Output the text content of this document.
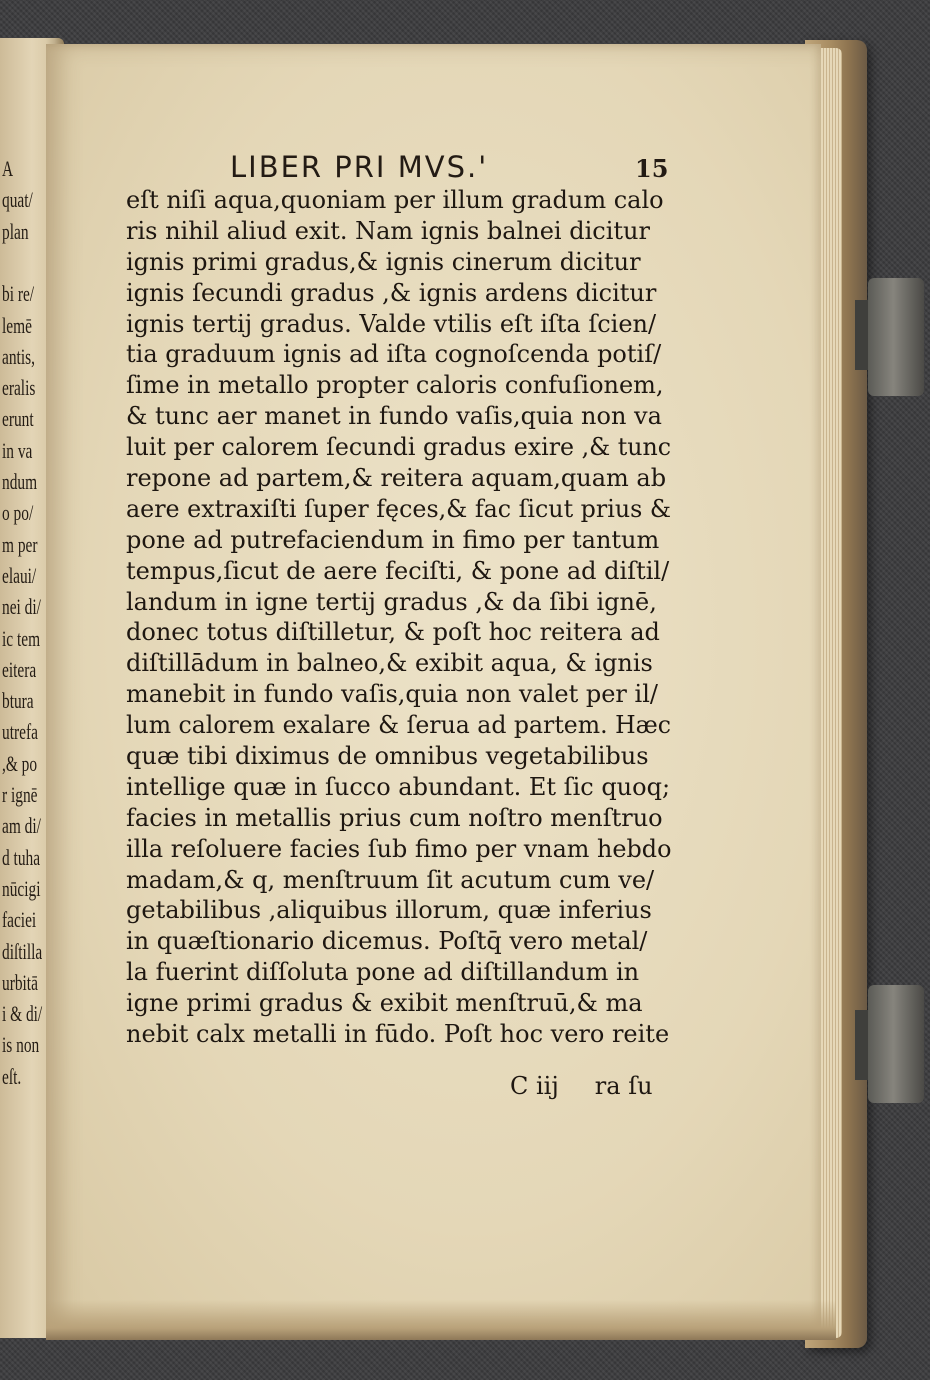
A
quat/
plan
bi re/
lemē
antis,
eralis
erunt
in va
ndum
o po/
m per
elaui/
nei di/
ic tem
eitera
btura
utrefa
,& po
r ignē
am di/
d tuha
nūcigi
faciei
diſtilla
urbitā
i & di/
is non
eſt.
LIBER PRI MVS.'	15
eſt niſi aqua,quoniam per illum gradum calo
ris nihil aliud exit. Nam ignis balnei dicitur
ignis primi gradus,& ignis cinerum dicitur
ignis ſecundi gradus ,& ignis ardens dicitur
ignis tertij gradus. Valde vtilis eſt iſta ſcien/
tia graduum ignis ad iſta cognoſcenda potiſ/
ſime in metallo propter caloris confuſionem,
& tunc aer manet in fundo vaſis,quia non va
luit per calorem ſecundi gradus exire ,& tunc
repone ad partem,& reitera aquam,quam ab
aere extraxiſti ſuper fęces,& fac ſicut prius &
pone ad putrefaciendum in fimo per tantum
tempus,ſicut de aere feciſti, & pone ad diſtil/
landum in igne tertij gradus ,& da ſibi ignē,
donec totus diſtilletur, & poſt hoc reitera ad
diſtillādum in balneo,& exibit aqua, & ignis
manebit in fundo vaſis,quia non valet per il/
lum calorem exalare & ſerua ad partem. Hæc
quæ tibi diximus de omnibus vegetabilibus
intellige quæ in ſucco abundant. Et ſic quoq;
facies in metallis prius cum noſtro menſtruo
illa reſoluere facies ſub fimo per vnam hebdo
madam,& q, menſtruum ſit acutum cum ve/
getabilibus ,aliquibus illorum, quæ inferius
in quæſtionario dicemus. Poſtq̄ vero metal/
la fuerint diſſoluta pone ad diſtillandum in
igne primi gradus & exibit menſtruū,& ma
nebit calx metalli in fūdo. Poſt hoc vero reite
C iij ra ſu
